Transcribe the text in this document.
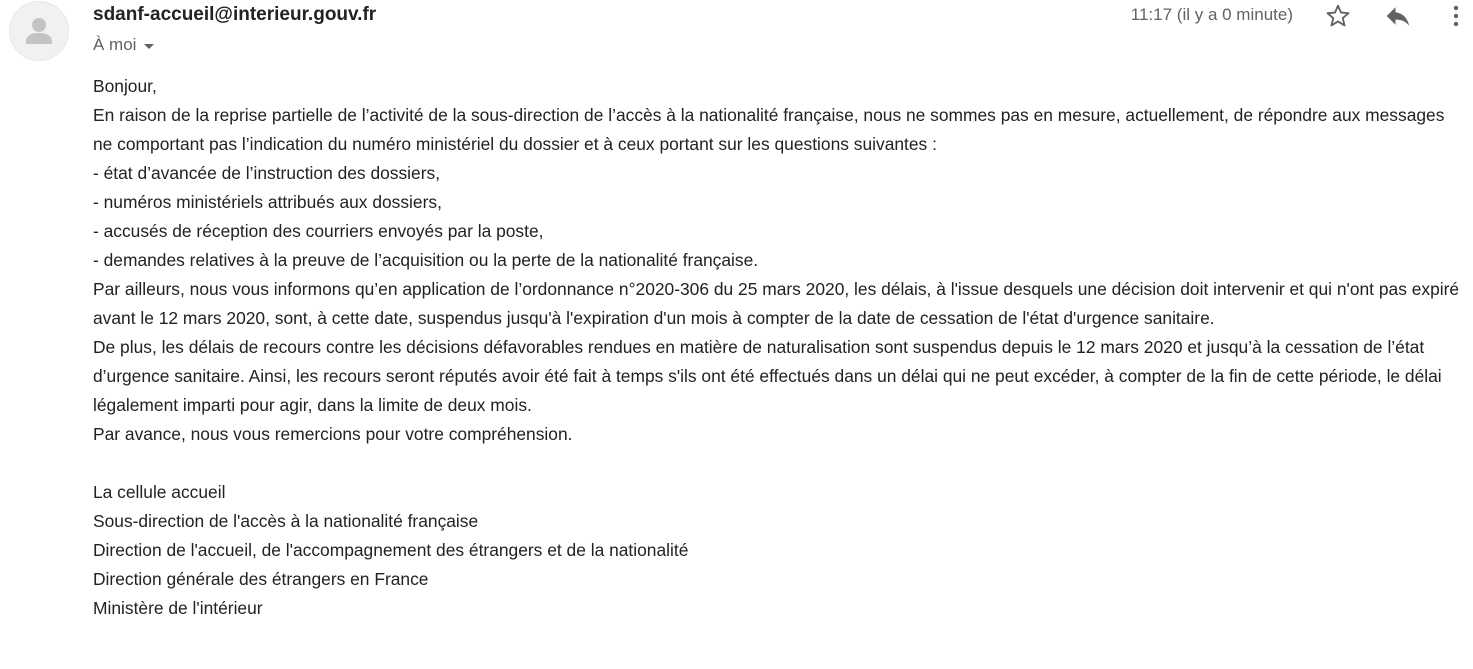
sdanf-accueil@interieur.gouv.fr
À moi
11:17 (il y a 0 minute)

Bonjour,

En raison de la reprise partielle de l’activité de la sous-direction de l’accès à la nationalité française, nous ne sommes pas en mesure, actuellement, de répondre aux messages ne comportant pas l’indication du numéro ministériel du dossier et à ceux portant sur les questions suivantes :

- état d’avancée de l’instruction des dossiers,

- numéros ministériels attribués aux dossiers,

- accusés de réception des courriers envoyés par la poste,

- demandes relatives à la preuve de l’acquisition ou la perte de la nationalité française.

Par ailleurs, nous vous informons qu’en application de l’ordonnance n°2020-306 du 25 mars 2020, les délais, à l'issue desquels une décision doit intervenir et qui n'ont pas expiré avant le 12 mars 2020, sont, à cette date, suspendus jusqu'à l'expiration d'un mois à compter de la date de cessation de l'état d'urgence sanitaire.

De plus, les délais de recours contre les décisions défavorables rendues en matière de naturalisation sont suspendus depuis le 12 mars 2020 et jusqu’à la cessation de l’état d’urgence sanitaire. Ainsi, les recours seront réputés avoir été fait à temps s'ils ont été effectués dans un délai qui ne peut excéder, à compter de la fin de cette période, le délai légalement imparti pour agir, dans la limite de deux mois.

Par avance, nous vous remercions pour votre compréhension.

La cellule accueil

Sous-direction de l'accès à la nationalité française

Direction de l'accueil, de l'accompagnement des étrangers et de la nationalité

Direction générale des étrangers en France

Ministère de l'intérieur
